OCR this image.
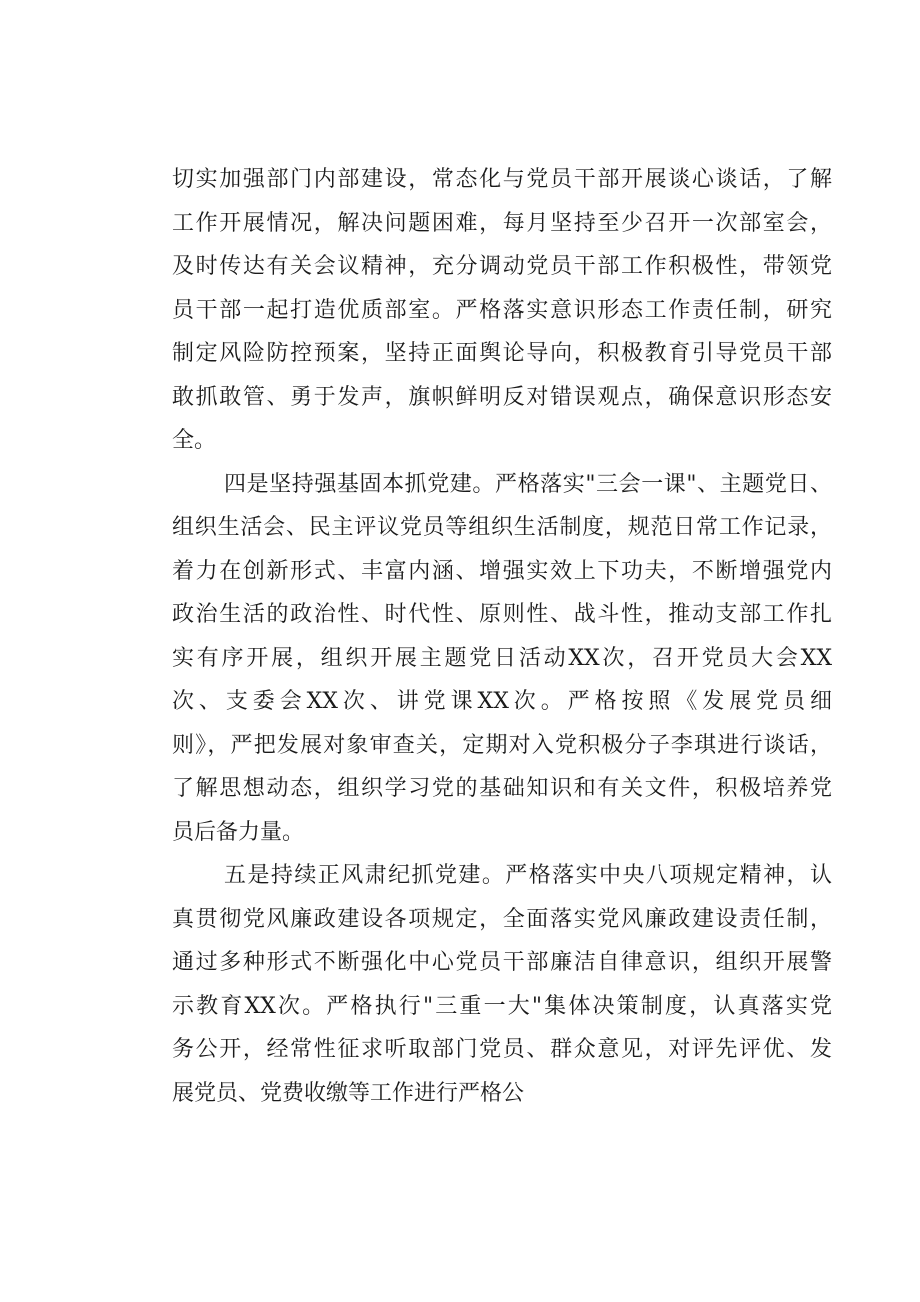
切实加强部门内部建设，常态化与党员干部开展谈心谈话，了解
工作开展情况，解决问题困难，每月坚持至少召开一次部室会，
及时传达有关会议精神，充分调动党员干部工作积极性，带领党
员干部一起打造优质部室。严格落实意识形态工作责任制，研究
制定风险防控预案，坚持正面舆论导向，积极教育引导党员干部
敢抓敢管、勇于发声，旗帜鲜明反对错误观点，确保意识形态安
全。
四是坚持强基固本抓党建。严格落实"三会一课"、主题党日、
组织生活会、民主评议党员等组织生活制度，规范日常工作记录，
着力在创新形式、丰富内涵、增强实效上下功夫，不断增强党内
政治生活的政治性、时代性、原则性、战斗性，推动支部工作扎
实有序开展，组织开展主题党日活动XX次，召开党员大会XX
次、支委会XX次、讲党课XX次。严格按照《发展党员细
则》，严把发展对象审查关，定期对入党积极分子李琪进行谈话，
了解思想动态，组织学习党的基础知识和有关文件，积极培养党
员后备力量。
五是持续正风肃纪抓党建。严格落实中央八项规定精神，认
真贯彻党风廉政建设各项规定，全面落实党风廉政建设责任制，
通过多种形式不断强化中心党员干部廉洁自律意识，组织开展警
示教育XX次。严格执行"三重一大"集体决策制度，认真落实党
务公开，经常性征求听取部门党员、群众意见，对评先评优、发
展党员、党费收缴等工作进行严格公
